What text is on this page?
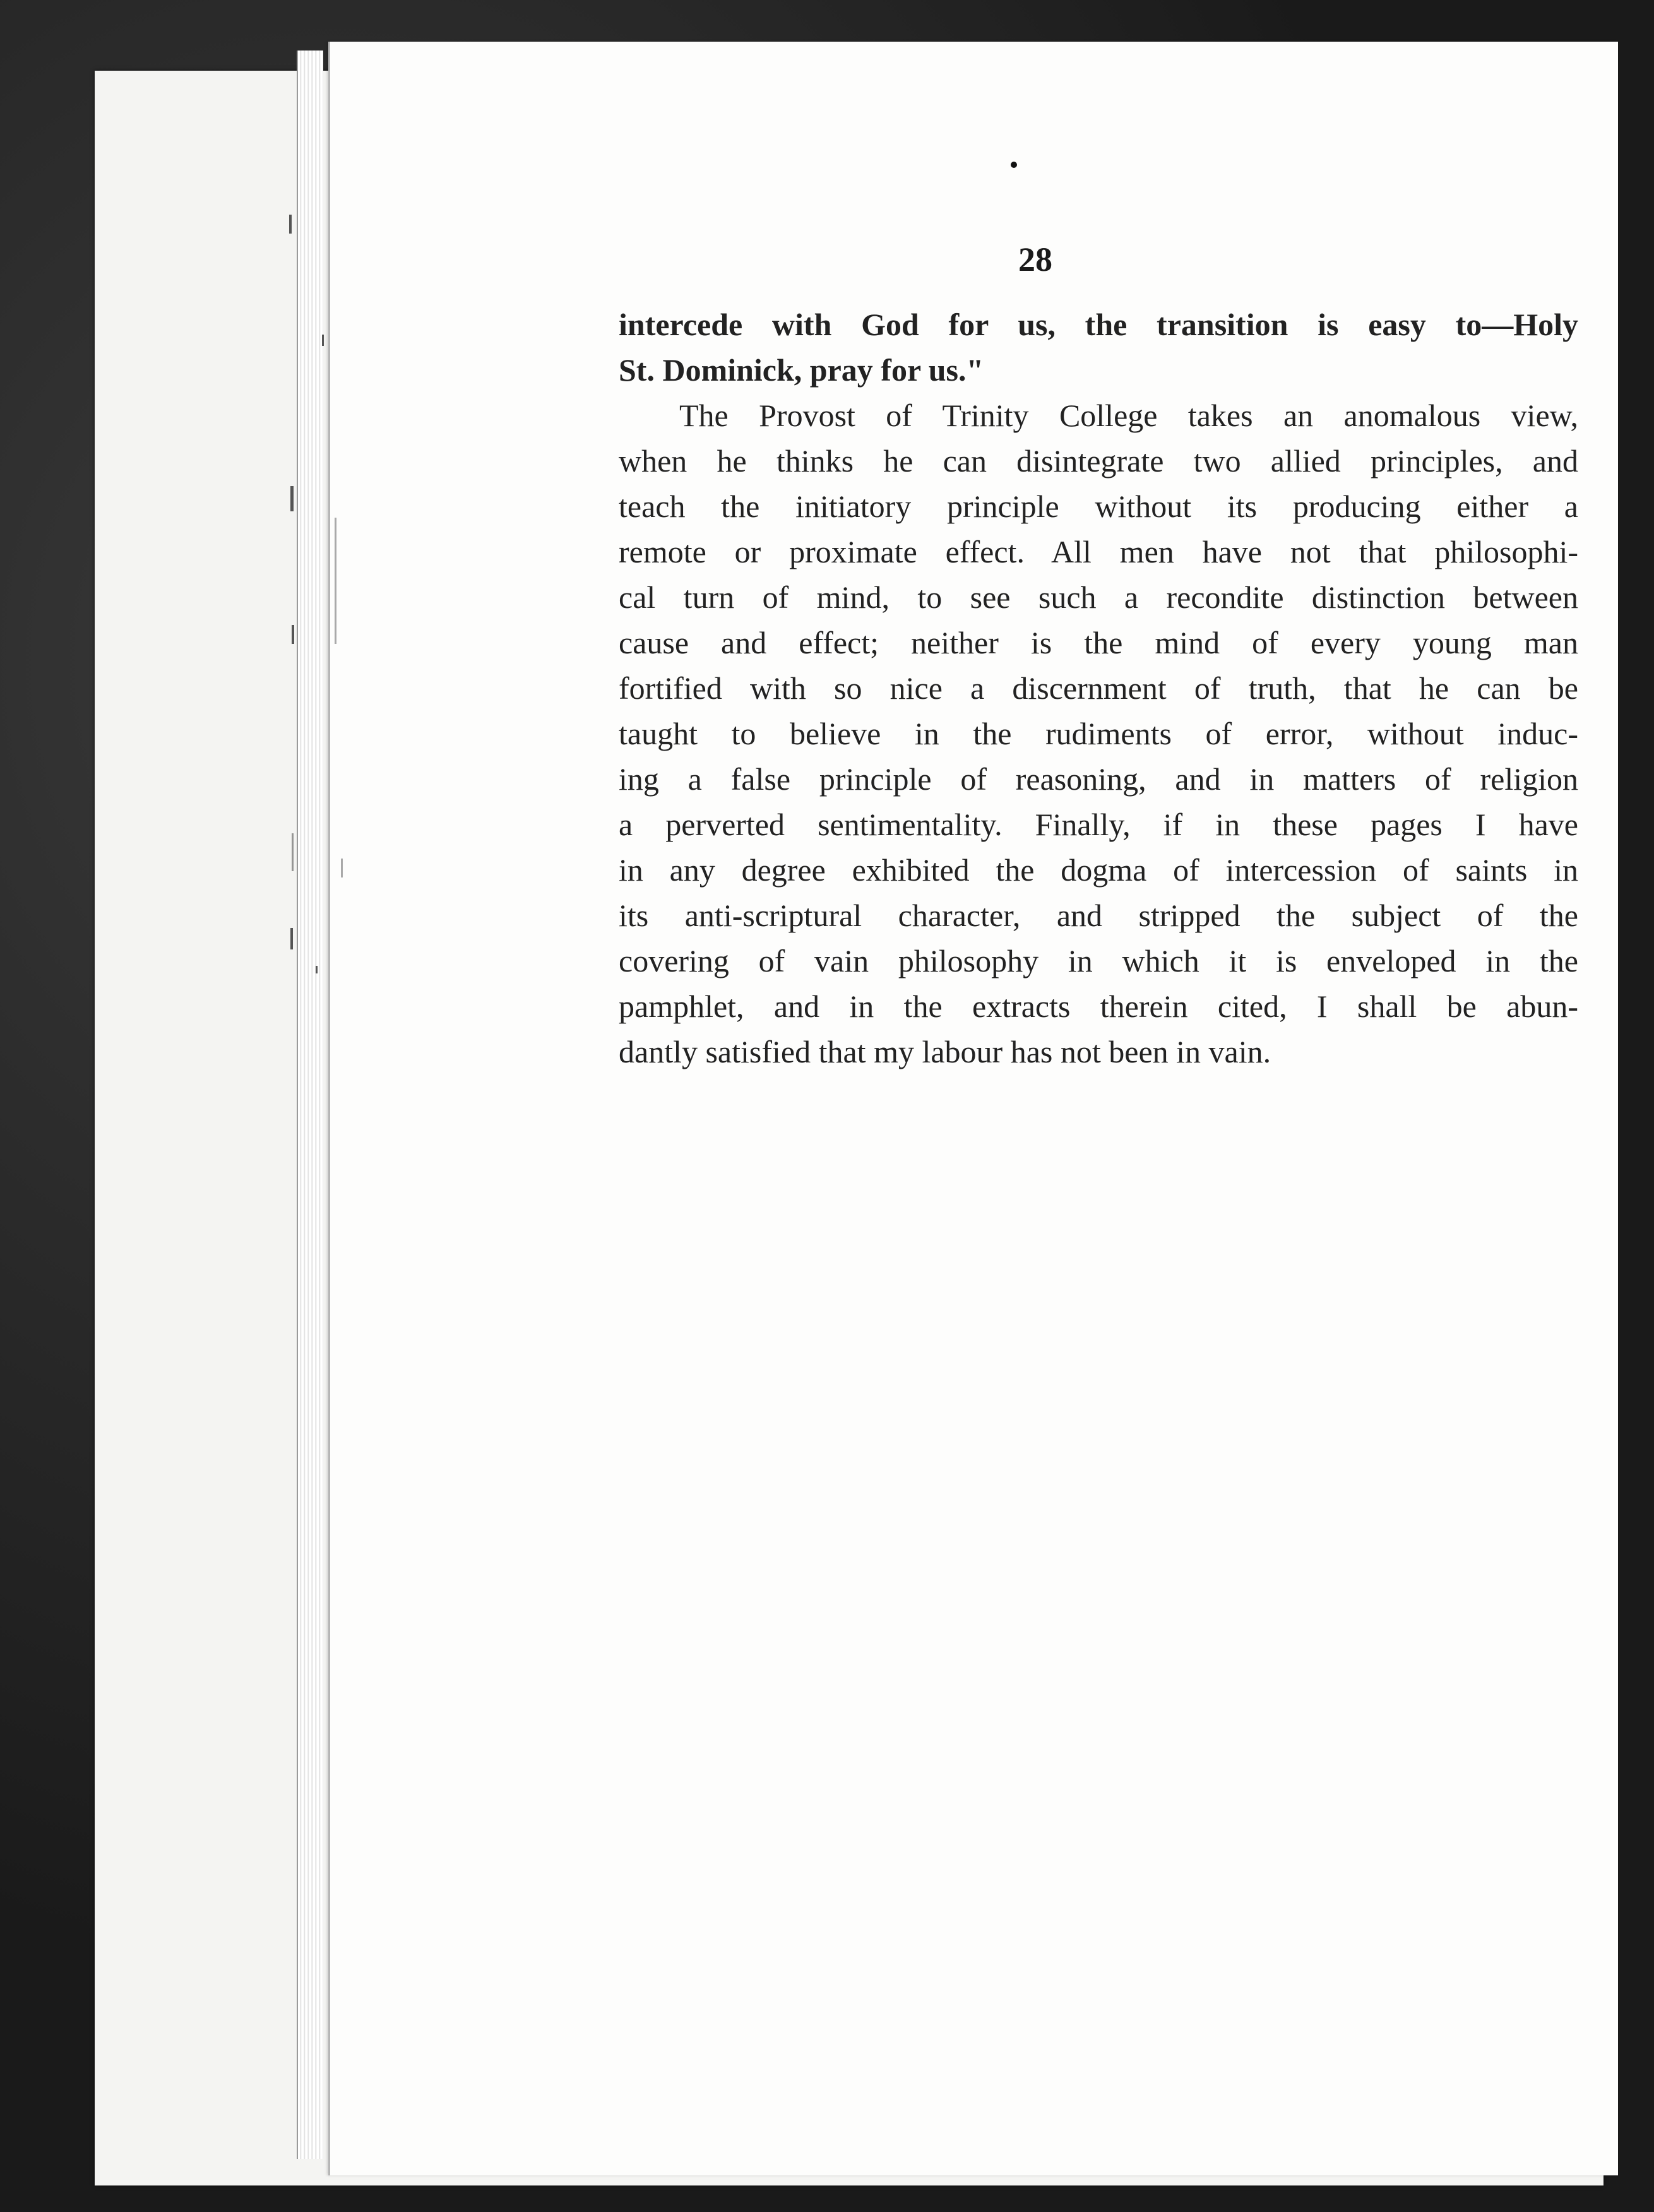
28

intercede with God for us, the transition is easy to—Holy
St. Dominick, pray for us."

The Provost of Trinity College takes an anomalous view,
when he thinks he can disintegrate two allied principles, and
teach the initiatory principle without its producing either a
remote or proximate effect. All men have not that philosophi-
cal turn of mind, to see such a recondite distinction between
cause and effect; neither is the mind of every young man
fortified with so nice a discernment of truth, that he can be
taught to believe in the rudiments of error, without induc-
ing a false principle of reasoning, and in matters of religion
a perverted sentimentality. Finally, if in these pages I have
in any degree exhibited the dogma of intercession of saints in
its anti-scriptural character, and stripped the subject of the
covering of vain philosophy in which it is enveloped in the
pamphlet, and in the extracts therein cited, I shall be abun-
dantly satisfied that my labour has not been in vain.
